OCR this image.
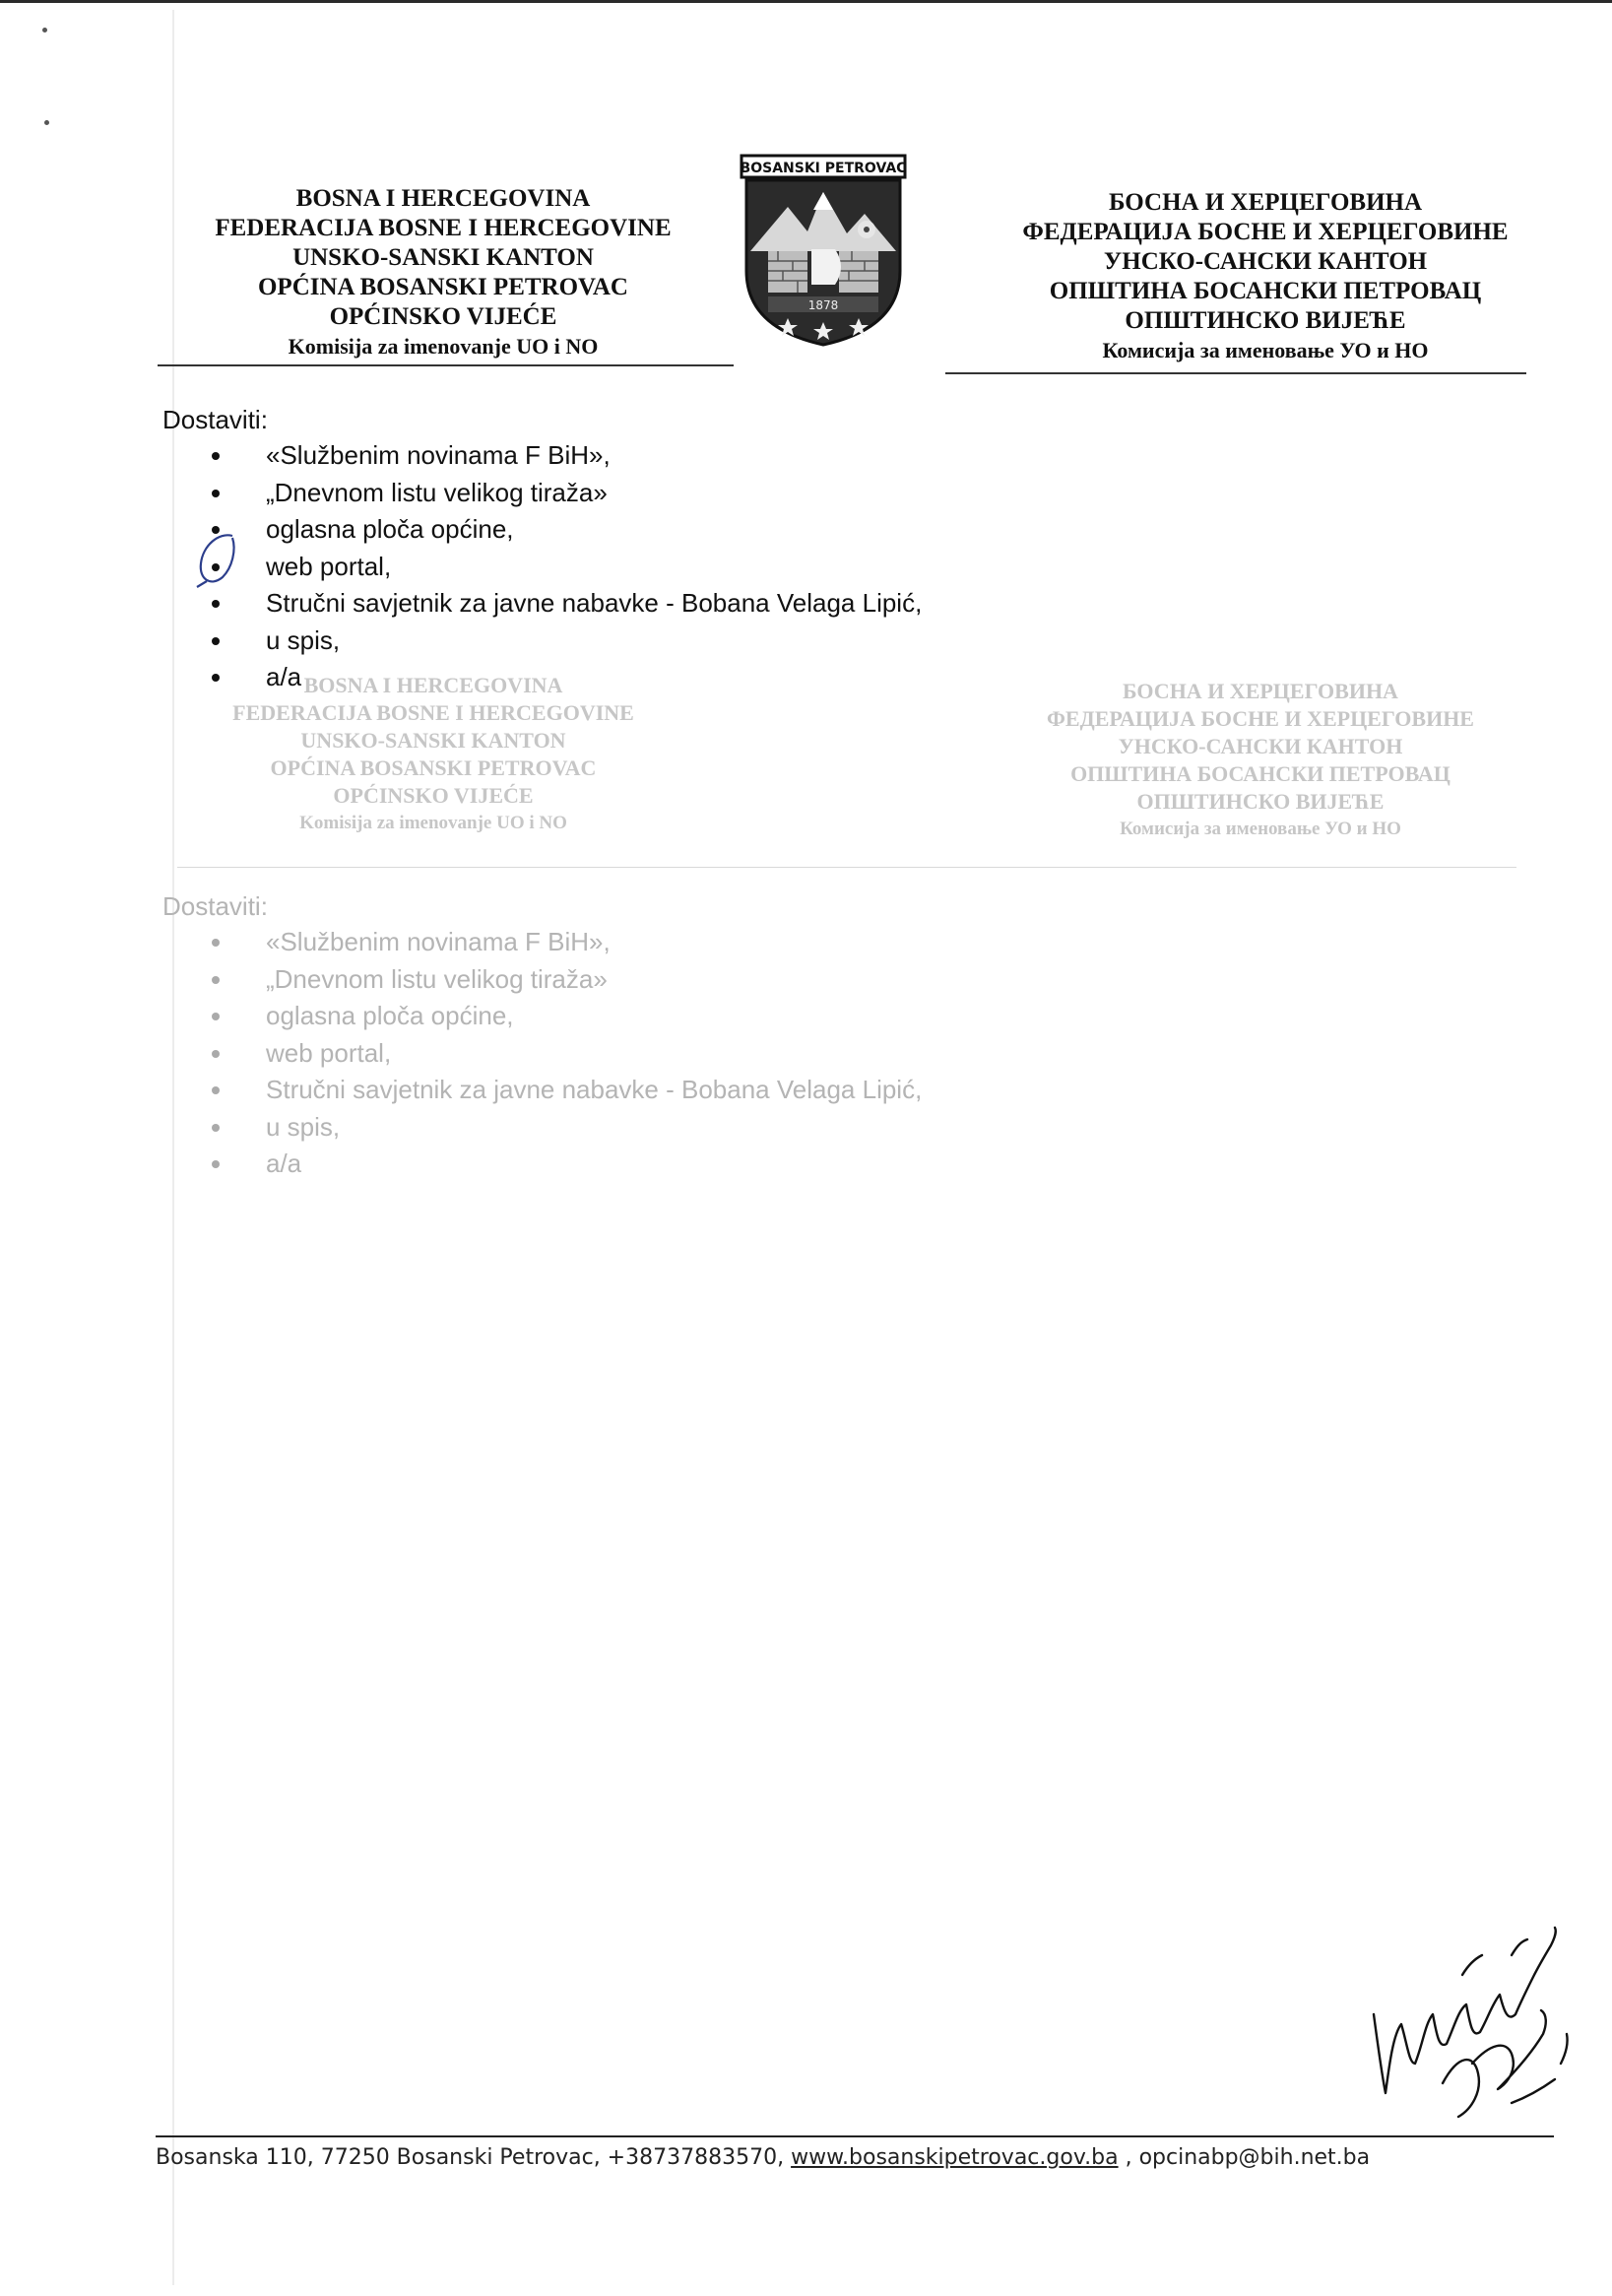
BOSNA I HERCEGOVINA
FEDERACIJA BOSNE I HERCEGOVINE
UNSKO-SANSKI KANTON
OPĆINA BOSANSKI PETROVAC
OPĆINSKO VIJEĆE
Komisija za imenovanje UO i NO
BOSANSKI PETROVAC
1878
БОСНА И ХЕРЦЕГОВИНА
ФЕДЕРАЦИЈА БОСНЕ И ХЕРЦЕГОВИНЕ
УНСКО-САНСКИ КАНТОН
ОПШТИНА БОСАНСКИ ПЕТРОВАЦ
ОПШТИНСКО ВИЈЕЋЕ
Комисија за именовање УО и НО
Dostaviti:
«Službenim novinama F BiH»,
„Dnevnom listu velikog tiraža»
oglasna ploča općine,
web portal,
Stručni savjetnik za javne nabavke - Bobana Velaga Lipić,
u spis,
a/a BOSNA I HERCEGOVINA
FEDERACIJA BOSNE I HERCEGOVINE
UNSKO-SANSKI KANTON
OPĆINA BOSANSKI PETROVAC
OPĆINSKO VIJEĆE
Komisija za imenovanje UO i NO
БОСНА И ХЕРЦЕГОВИНА
ФЕДЕРАЦИЈА БОСНЕ И ХЕРЦЕГОВИНЕ
УНСКО-САНСКИ КАНТОН
ОПШТИНА БОСАНСКИ ПЕТРОВАЦ
ОПШТИНСКО ВИЈЕЋЕ
Комисија за именовање УО и НО
Dostaviti:
«Službenim novinama F BiH»,
„Dnevnom listu velikog tiraža»
oglasna ploča općine,
web portal,
Stručni savjetnik za javne nabavke - Bobana Velaga Lipić,
u spis,
a/a
Bosanska 110, 77250 Bosanski Petrovac, +38737883570, www.bosanskipetrovac.gov.ba , opcinabp@bih.net.ba
